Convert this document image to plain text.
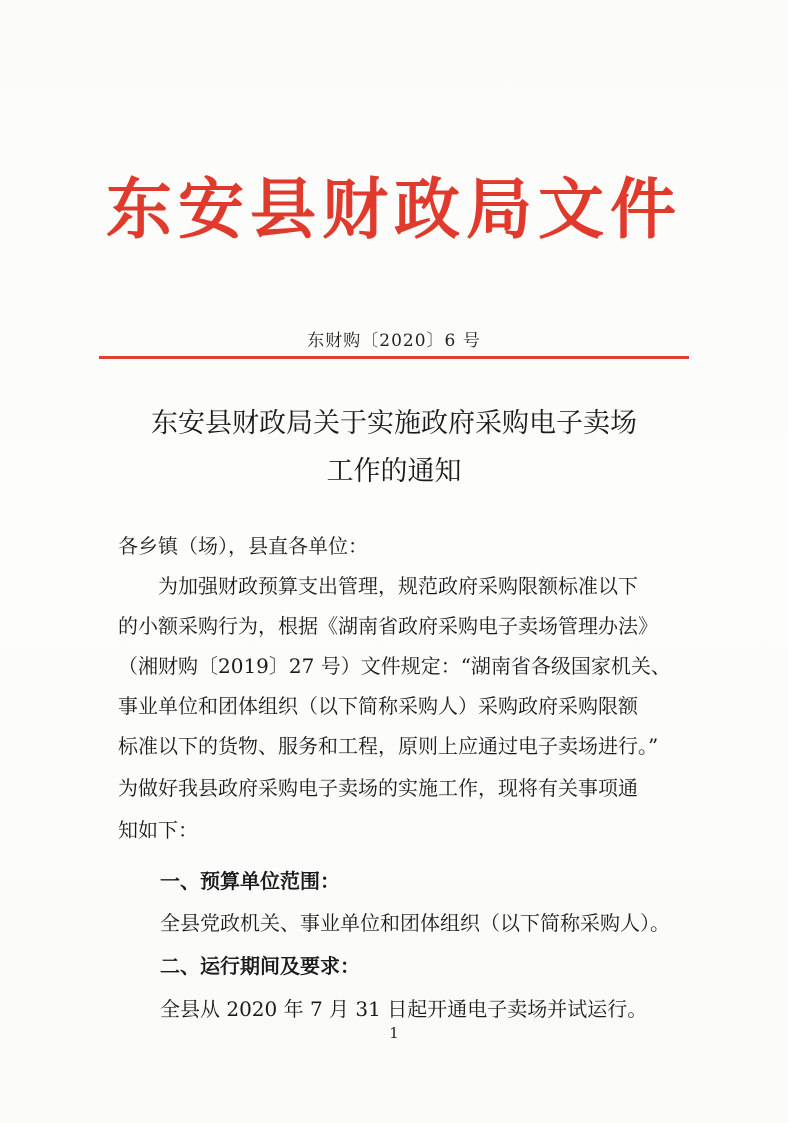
东安县财政局文件
东财购〔2020〕6 号
东安县财政局关于实施政府采购电子卖场
工作的通知
各乡镇（场），县直各单位：
为加强财政预算支出管理，规范政府采购限额标准以下
的小额采购行为，根据《湖南省政府采购电子卖场管理办法》
（湘财购〔2019〕27 号）文件规定：“湖南省各级国家机关、
事业单位和团体组织（以下简称采购人）采购政府采购限额
标准以下的货物、服务和工程，原则上应通过电子卖场进行。”
为做好我县政府采购电子卖场的实施工作，现将有关事项通
知如下：
一、预算单位范围：
全县党政机关、事业单位和团体组织（以下简称采购人）。
二、运行期间及要求：
全县从 2020 年 7 月 31 日起开通电子卖场并试运行。
1
